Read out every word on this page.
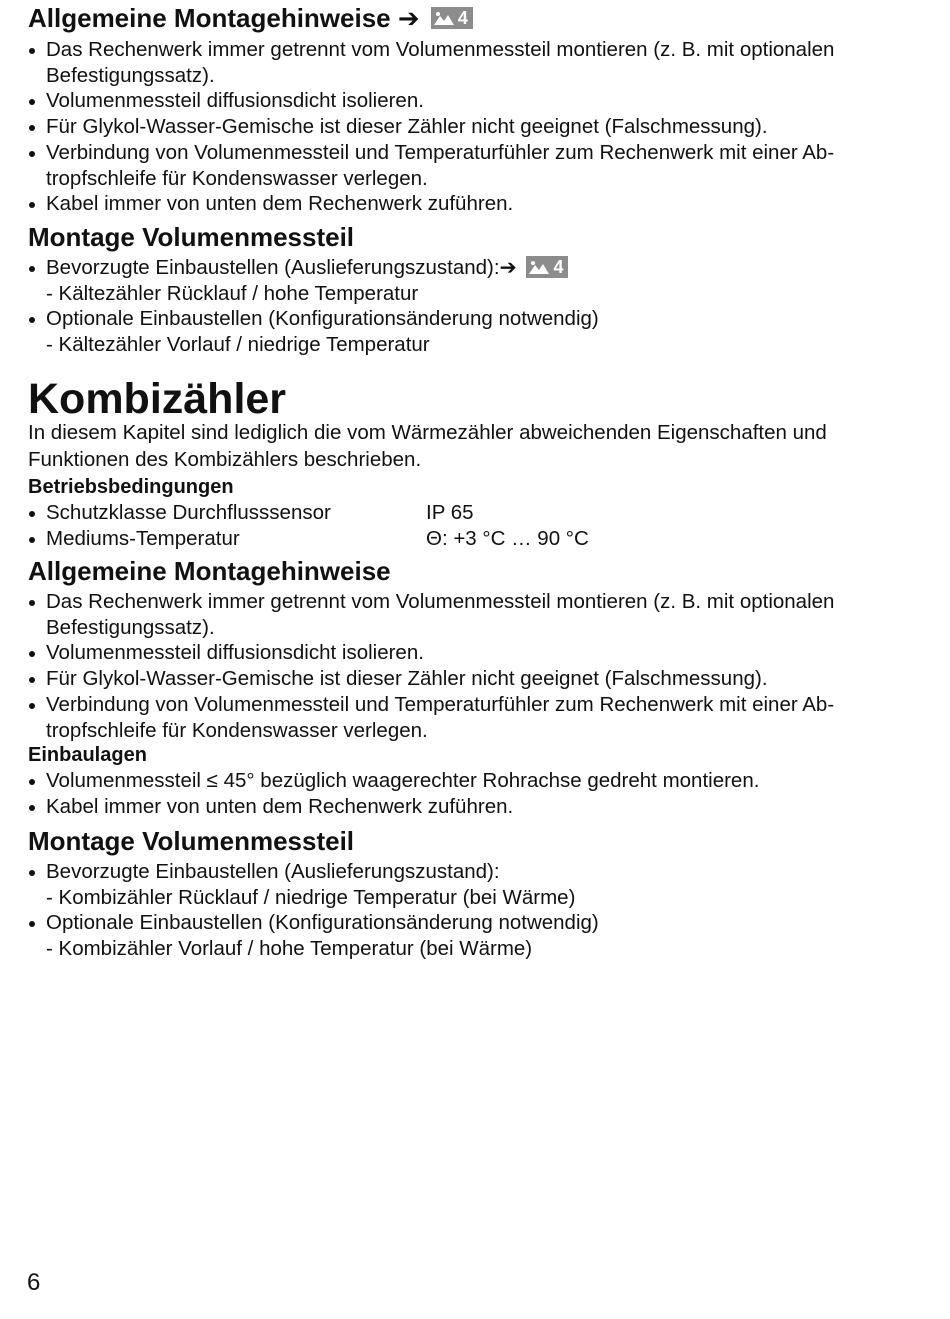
Allgemeine Montagehinweise ➔ 4
Das Rechenwerk immer getrennt vom Volumenmessteil montieren (z. B. mit optionalen Befestigungssatz).
Volumenmessteil diffusionsdicht isolieren.
Für Glykol-Wasser-Gemische ist dieser Zähler nicht geeignet (Falschmessung).
Verbindung von Volumenmessteil und Temperaturfühler zum Rechenwerk mit einer Ab-tropfschleife für Kondenswasser verlegen.
Kabel immer von unten dem Rechenwerk zuführen.
Montage Volumenmessteil
Bevorzugte Einbaustellen (Auslieferungszustand):➔ 4
- Kältezähler Rücklauf / hohe Temperatur
Optionale Einbaustellen (Konfigurationsänderung notwendig)
- Kältezähler Vorlauf / niedrige Temperatur
Kombizähler

In diesem Kapitel sind lediglich die vom Wärmezähler abweichenden Eigenschaften und Funktionen des Kombizählers beschrieben.

Betriebsbedingungen
Schutzklasse Durchflusssensor	IP 65
Mediums-Temperatur	Θ: +3 °C … 90 °C
Allgemeine Montagehinweise
Das Rechenwerk immer getrennt vom Volumenmessteil montieren (z. B. mit optionalen Befestigungssatz).
Volumenmessteil diffusionsdicht isolieren.
Für Glykol-Wasser-Gemische ist dieser Zähler nicht geeignet (Falschmessung).
Verbindung von Volumenmessteil und Temperaturfühler zum Rechenwerk mit einer Ab-tropfschleife für Kondenswasser verlegen.
Einbaulagen
Volumenmessteil ≤ 45° bezüglich waagerechter Rohrachse gedreht montieren.
Kabel immer von unten dem Rechenwerk zuführen.
Montage Volumenmessteil
Bevorzugte Einbaustellen (Auslieferungszustand):
- Kombizähler Rücklauf / niedrige Temperatur (bei Wärme)
Optionale Einbaustellen (Konfigurationsänderung notwendig)
- Kombizähler Vorlauf / hohe Temperatur (bei Wärme)
6
